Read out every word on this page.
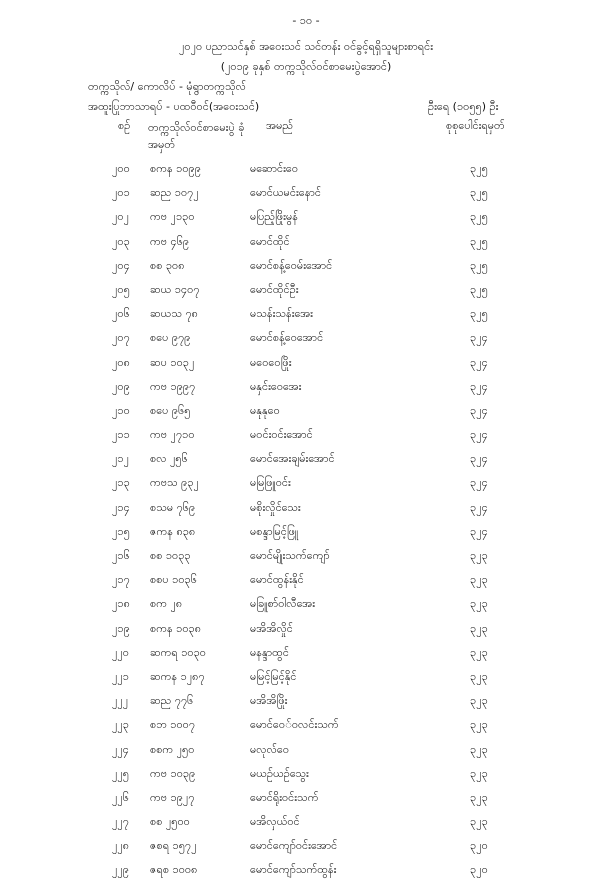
- ၁၀ -
၂၀၂၀ ပညာသင်နှစ် အဝေးသင် သင်တန်း ဝင်ခွင့်ရရှိသူများစာရင်း
(၂၀၁၉ ခုနှစ် တက္ကသိုလ်ဝင်စာမေးပွဲအောင်)
တက္ကသိုလ်/ ကောလိပ် - မုံရွာတက္ကသိုလ်
အထူးပြုဘာသာရပ် - ပထဝီဝင်(အဝေးသင်)	ဦးရေ (၁၀၅၅) ဦး
စဉ် တက္ကသိုလ်ဝင်စာမေးပွဲ ခုံအမှတ်
အမည်	စုစုပေါင်းရမှတ်
၂၀၀ စကန ၁၀၉၉	မဆောင်းဝေ	၃၂၅
၂၀၁ ဆည ၁၀၇၂	မောင်ယမင်းနောင်	၃၂၅
၂၀၂ ကဗ ၂၁၃၀	မပြည့်ဖြိုးမွန်	၃၂၅
၂၀၃ ကဗ ၄၆၉	မောင်ထိုင်	၃၂၅
၂၀၄ စစ ၃၀၈	မောင်စန့်ဝေမ်းအောင်	၃၂၅
၂၀၅ ဆယ ၁၄၀၇	မောင်ထိုင်ဦး	၃၂၅
၂၀၆ ဆယသ ၇၈	မသန်းသန်းအေး	၃၂၅
၂၀၇ စပေ ၉၇၉	မောင်စန့်ဝေအောင်	၃၂၄
၂၀၈ ဆပ ၁၀၃၂	မဝေဝေဖြိုး	၃၂၄
၂၀၉ ကဗ ၁၉၉၇	မနှင်းဝေအေး	၃၂၄
၂၁၀ စပေ ၉၆၅	မနုနုဝေ	၃၂၄
၂၁၁ ကဗ ၂၇၁၀	မဝင်းဝင်းအောင်	၃၂၄
၂၁၂ စလ ၂၅၆	မောင်အေးချမ်းအောင်	၃၂၄
၂၁၃ ကဗသ ၉၃၂	မမြဖြူဝင်း	၃၂၄
၂၁၄ စသမ ၇၆၉	မစိုးလှိုင်သေး	၃၂၄
၂၁၅ ဇကန ၈၃၈	မစန္ဒာမြင့်ဖြူ	၃၂၄
၂၁၆ စစ ၁၀၃၃	မောင်မျိုးသက်ကျော်	၃၂၃
၂၁၇ စစပ ၁၀၃၆	မောင်ထွန်းနိုင်	၃၂၃
၂၁၈ စက ၂၈	မခြူစာ်ဝါလီအေး	၃၂၃
၂၁၉ စကန ၁၀၃၈	မအိအိလှိုင်	၃၂၃
၂၂၀ ဆကရ ၁၀၃၀	မနန္ဒာထွင်	၃၂၃
၂၂၁ ဆကန ၁၂၈၇	မမြင့်မြင့်နိုင်	၃၂၃
၂၂၂ ဆည ၇၇၆	မအိအိဖြိုး	၃၂၃
၂၂၃ စဘ ၁၀၀၇	မောင်ဝေ်ဝလင်းသက်	၃၂၃
၂၂၄ စစက ၂၅၀	မလုလ်ဝေ	၃၂၃
၂၂၅ ကဗ ၁၀၃၉	မယဉ်ယဉ်သွေး	၃၂၃
၂၂၆ ကဗ ၁၉၂၇	မောင်ရိုးဝင်းသက်	၃၂၃
၂၂၇ စစ ၂၅၀၀	မအိလှယ်ဝင်	၃၂၃
၂၂၈ ဇစရ ၁၅၇၂	မောင်ကျော်ဝင်းအောင်	၃၂၀
၂၂၉ ဇရစ ၁၀၀၈	မောင်ကျော်သက်ထွန်း	၃၂၀
